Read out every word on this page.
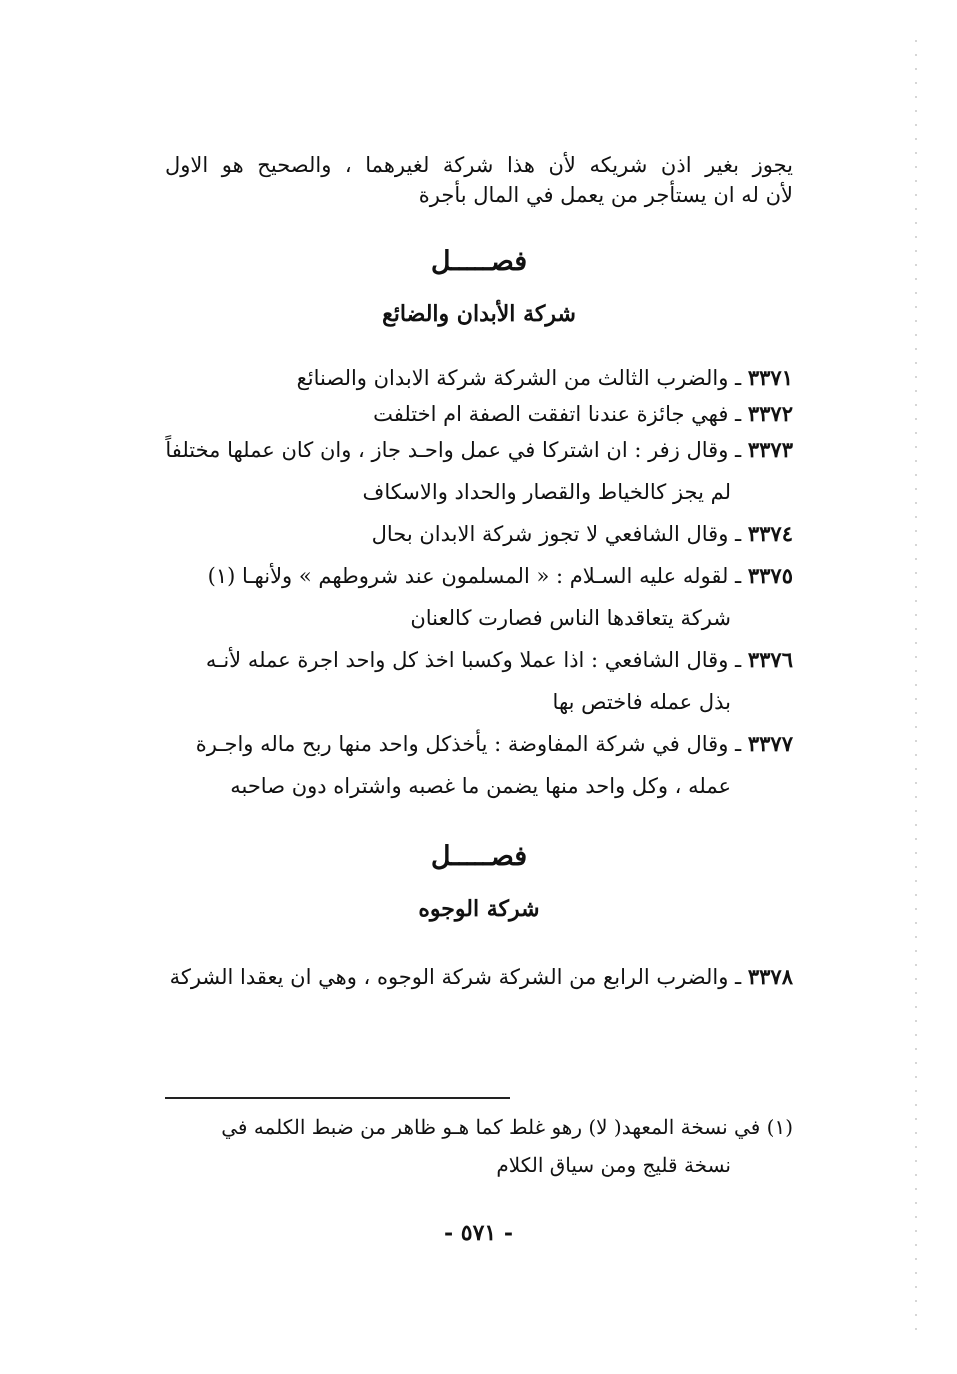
يجوز بغير اذن شريكه لأن هذا شركة لغيرهما ، والصحيح هو الاول
لأن له ان يستأجر من يعمل في المال بأجرة
فصـــــل
شركة الأبدان والضائع
٣٣٧١ ـ والضرب الثالث من الشركة شركة الابدان والصنائع
٣٣٧٢ ـ فهي جائزة عندنا اتفقت الصفة ام اختلفت
٣٣٧٣ ـ وقال زفر : ان اشتركا في عمل واحـد جاز ، وان كان عملها مختلفاً
لم يجز كالخياط والقصار والحداد والاسكاف
٣٣٧٤ ـ وقال الشافعي لا تجوز شركة الابدان بحال
٣٣٧٥ ـ لقوله عليه السـلام : « المسلمون عند شروطهم » ولأنهـا (١)
شركة يتعاقدها الناس فصارت كالعنان
٣٣٧٦ ـ وقال الشافعي : اذا عملا وكسبا اخذ كل واحد اجرة عمله لأنـه
بذل عمله فاختص بها
٣٣٧٧ ـ وقال في شركة المفاوضة : يأخذكل واحد منها ربح ماله واجـرة
عمله ، وكل واحد منها يضمن ما غصبه واشتراه دون صاحبه
فصـــــل
شركة الوجوه
٣٣٧٨ ـ والضرب الرابع من الشركة شركة الوجوه ، وهي ان يعقدا الشركة
(١) في نسخة المعهد( لا) رهو غلط كما هـو ظاهر من ضبط الكلمه في
نسخة قليج ومن سياق الكلام
- ٥٧١ -
